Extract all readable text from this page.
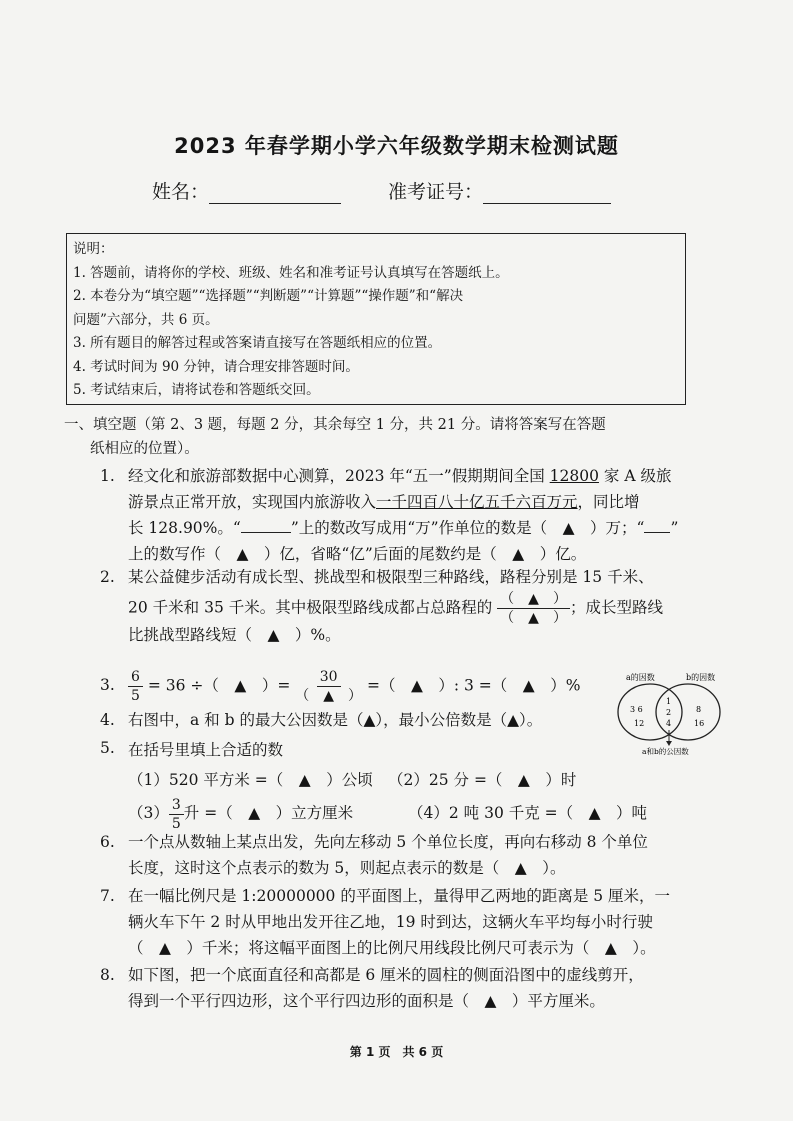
2023 年春学期小学六年级数学期末检测试题
姓名：	准考证号：
说明：
1. 答题前，请将你的学校、班级、姓名和准考证号认真填写在答题纸上。
2. 本卷分为“填空题”“选择题”“判断题”“计算题”“操作题”和“解决
问题”六部分，共 6 页。
3. 所有题目的解答过程或答案请直接写在答题纸相应的位置。
4. 考试时间为 90 分钟，请合理安排答题时间。
5. 考试结束后，请将试卷和答题纸交回。
一、填空题（第 2、3 题，每题 2 分，其余每空 1 分，共 21 分。请将答案写在答题
纸相应的位置）。
1. 经文化和旅游部数据中心测算，2023 年“五一”假期期间全国 12800 家 A 级旅
游景点正常开放，实现国内旅游收入一千四百八十亿五千六百万元，同比增
长 128.90%。“	”上的数改写成用“万”作单位的数是（　▲　）万；“ ”
上的数写作（　▲　）亿，省略“亿”后面的尾数约是（　▲　）亿。
2. 某公益健步活动有成长型、挑战型和极限型三种路线，路程分别是 15 千米、
20 千米和 35 千米。其中极限型路线成都占总路程的 $\frac{( ▲ )}{( ▲ )}$ ；成长型路线
比挑战型路线短（　▲　）%。
3. $\frac{6}{5} = 36$ ÷（　▲　）= $\frac{30}{( ▲ )}$ =（　▲　）: 3 =（　▲　）%
4. 右图中，a 和 b 的最大公因数是（▲），最小公倍数是（▲）。
a的因数	b的因数
3 6
12
1
2
4
8
16
a和b的公因数
5. 在括号里填上合适的数
（1）520 平方米 =（　▲　）公顷 （2）25 分 =（　▲　）时
$(3) \frac{3}{5}$ 升 =（　▲　）立方厘米	（4）2 吨 30 千克 =（　▲　）吨
6. 一个点从数轴上某点出发，先向左移动 5 个单位长度，再向右移动 8 个单位
长度，这时这个点表示的数为 5，则起点表示的数是（　▲　）。
7. 在一幅比例尺是 1:20000000 的平面图上，量得甲乙两地的距离是 5 厘米，一
辆火车下午 2 时从甲地出发开往乙地，19 时到达，这辆火车平均每小时行驶
（　▲　）千米；将这幅平面图上的比例尺用线段比例尺可表示为（　▲　）。
8. 如下图，把一个底面直径和高都是 6 厘米的圆柱的侧面沿图中的虚线剪开，
得到一个平行四边形，这个平行四边形的面积是（　▲　）平方厘米。
第 1 页　共 6 页
